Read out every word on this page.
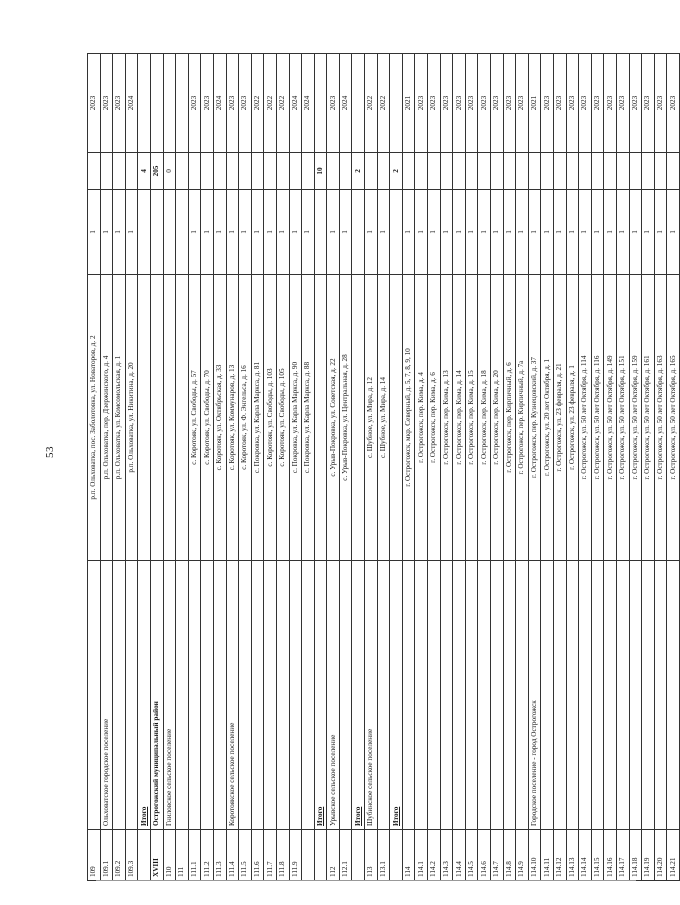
53
109		р.п. Ольховатка, пос. Заболотовка, ул. Новаторов, д. 2	1		2023
109.1	Ольховатское городское поселение	р.п. Ольховатка, пер. Дзержинского, д. 4	1		2023
109.2		р.п. Ольховатка, ул. Комсомольская, д. 1	1		2023
109.3		р.п. Ольховатка, ул. Никитина, д. 20	1		2024
	Итого			4	
XVIII	Острогожский муниципальный район			205	
110	Гниловское сельское поселение			0	
111					
111.1		с. Коротояк, ул. Свободы, д. 57	1		2023
111.2		с. Коротояк, ул. Свободы, д. 70	1		2023
111.3		с. Коротояк, ул. Октябрьская, д. 33	1		2024
111.4	Коротоякское сельское поселение	с. Коротояк, ул. Коммунаров, д. 13	1		2023
111.5		с. Коротояк, ул. Ф. Энгельса, д. 16	1		2023
111.6		с. Покровка, ул. Карла Маркса, д. 81	1		2022
111.7		с. Коротояк, ул. Свободы, д. 103	1		2022
111.8		с. Коротояк, ул. Свободы, д. 105	1		2022
111.9		с. Покровка, ул. Карла Маркса, д. 90	1		2024
		с. Покровка, ул. Карла Маркса, д. 88	1		2024
	Итого			10	
112	Урывское сельское поселение	с. Урыв-Покровка, ул. Советская, д. 22	1		2023
112.1		с. Урыв-Покровка, ул. Центральная, д. 28	1		2024
	Итого			2	
113	Шубинское сельское поселение	с. Шубное, ул. Мира, д. 12	1		2022
113.1		с. Шубное, ул. Мира, д. 14	1		2022
	Итого			2	
114		г. Острогожск, мкр. Северный, д. 5, 7, 8, 9, 10	1		2021
114.1		г. Острогожск, пер. Кима, д. 4	1		2023
114.2		г. Острогожск, пер. Кима, д. 6	1		2023
114.3		г. Острогожск, пер. Кима, д. 13	1		2023
114.4		г. Острогожск, пер. Кима, д. 14	1		2023
114.5		г. Острогожск, пер. Кима, д. 15	1		2023
114.6		г. Острогожск, пер. Кима, д. 18	1		2023
114.7		г. Острогожск, пер. Кима, д. 20	1		2023
114.8		г. Острогожск, пер. Кирпичный, д. 6	1		2023
114.9		г. Острогожск, пер. Кирпичный, д. 7а	1		2023
114.10	Городское поселение - город Острогожск	г. Острогожск, пер. Кузнецовский, д. 37	1		2021
114.11		г. Острогожск, ул. 20 лет Октября, д. 1	1		2023
114.12		г. Острогожск, ул. 23 февраля, д. 21	1		2023
114.13		г. Острогожск, ул. 23 февраля, д. 1	1		2023
114.14		г. Острогожск, ул. 50 лет Октября, д. 114	1		2023
114.15		г. Острогожск, ул. 50 лет Октября, д. 116	1		2023
114.16		г. Острогожск, ул. 50 лет Октября, д. 149	1		2023
114.17		г. Острогожск, ул. 50 лет Октября, д. 151	1		2023
114.18		г. Острогожск, ул. 50 лет Октября, д. 159	1		2023
114.19		г. Острогожск, ул. 50 лет Октября, д. 161	1		2023
114.20		г. Острогожск, ул. 50 лет Октября, д. 163	1		2023
114.21		г. Острогожск, ул. 50 лет Октября, д. 165	1		2023
